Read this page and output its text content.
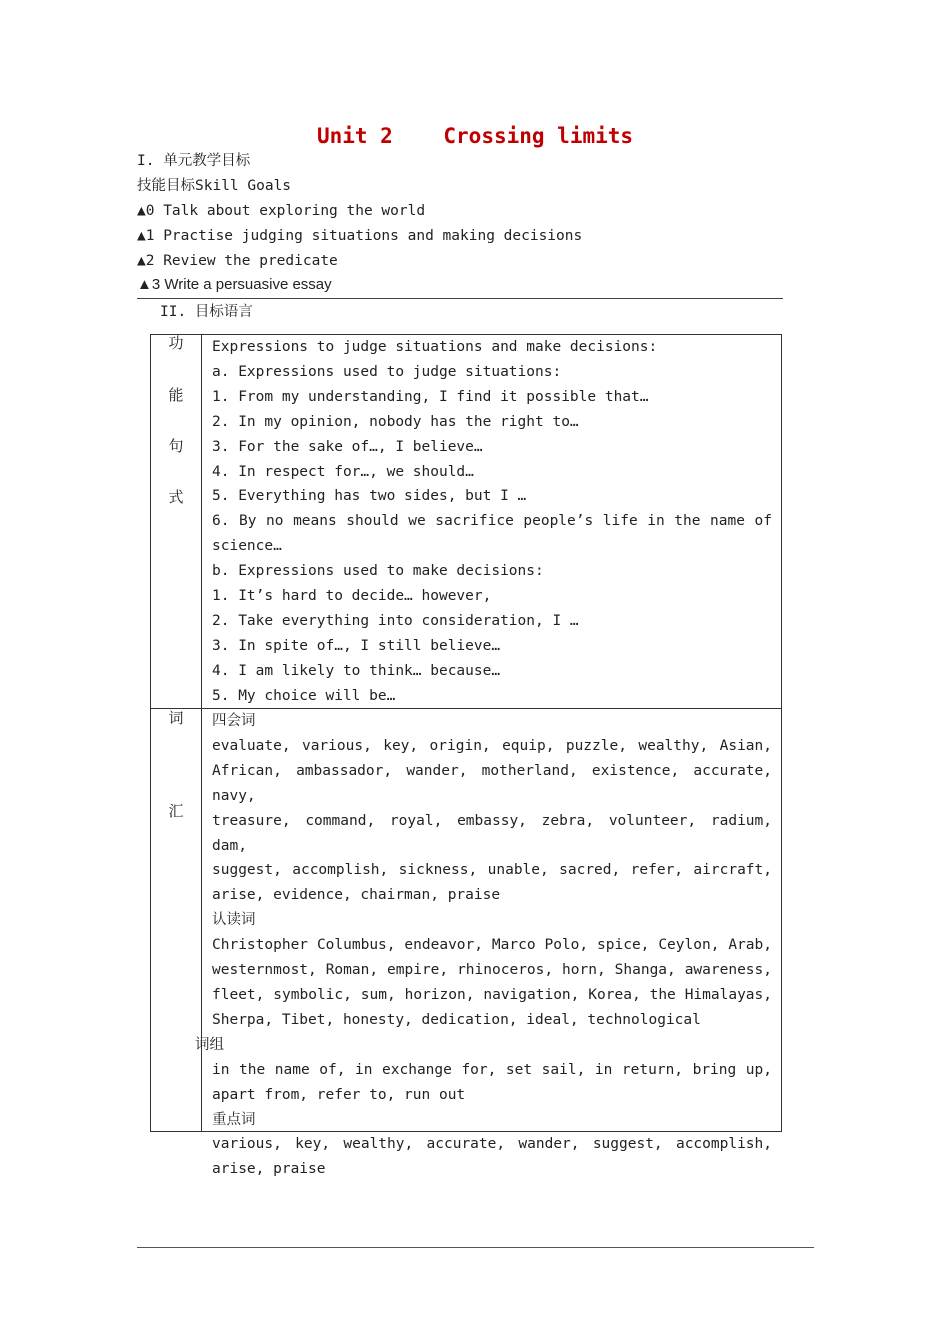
Unit 2    Crossing limits
I. 单元教学目标
技能目标Skill Goals
▲0 Talk about exploring the world
▲1 Practise judging situations and making decisions
▲2 Review the predicate
▲3 Write a persuasive essay
II. 目标语言
功
能
句
式
Expressions to judge situations and make decisions:
a. Expressions used to judge situations:
1. From my understanding, I find it possible that…
2. In my opinion, nobody has the right to…
3. For the sake of…, I believe…
4. In respect for…, we should…
5. Everything has two sides, but I …
6. By no means should we sacrifice people’s life in the name of
science…
b. Expressions used to make decisions:
1. It’s hard to decide… however,
2. Take everything into consideration, I …
3. In spite of…, I still believe…
4. I am likely to think… because…
5. My choice will be…
词
汇
四会词
evaluate, various, key, origin, equip, puzzle, wealthy, Asian,
African, ambassador, wander, motherland, existence, accurate, navy,
treasure, command, royal, embassy, zebra, volunteer, radium, dam,
suggest, accomplish, sickness, unable, sacred, refer, aircraft,
arise, evidence, chairman, praise
认读词
Christopher Columbus, endeavor, Marco Polo, spice, Ceylon, Arab,
westernmost, Roman, empire, rhinoceros, horn, Shanga, awareness,
fleet, symbolic, sum, horizon, navigation, Korea, the Himalayas,
Sherpa, Tibet, honesty, dedication, ideal, technological
词组
in the name of, in exchange for, set sail, in return, bring up,
apart from, refer to, run out
重点词
various, key, wealthy, accurate, wander, suggest, accomplish,
arise, praise
